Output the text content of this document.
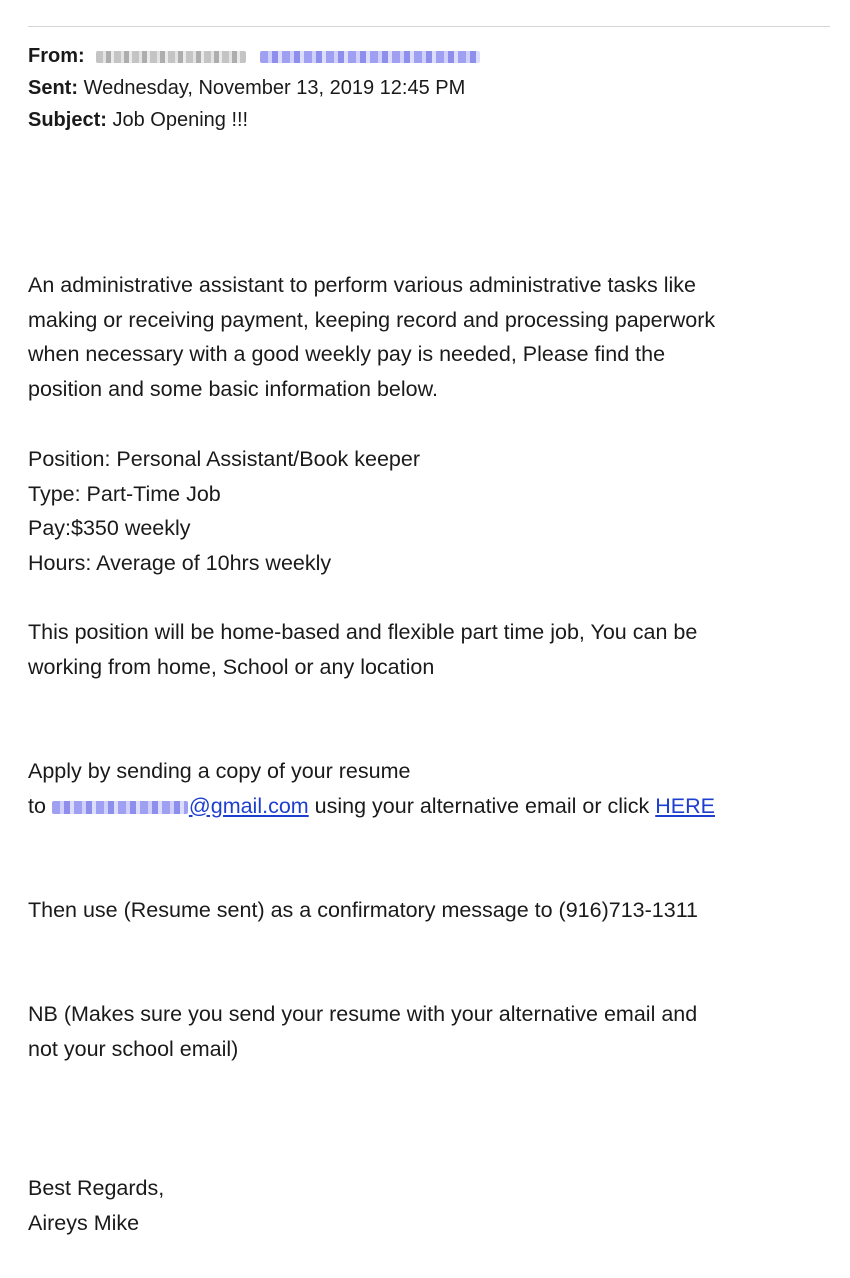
From:
Sent: Wednesday, November 13, 2019 12:45 PM
Subject: Job Opening !!!
An administrative assistant to perform various administrative tasks like
making or receiving payment, keeping record and processing paperwork
when necessary with a good weekly pay is needed, Please find the
position and some basic information below.
Position: Personal Assistant/Book keeper
Type: Part-Time Job
Pay:$350 weekly
Hours: Average of 10hrs weekly
This position will be home-based and flexible part time job, You can be
working from home, School or any location
Apply by sending a copy of your resume
to	@gmail.com using your alternative email or click HERE
Then use (Resume sent) as a confirmatory message to (916)713-1311
NB (Makes sure you send your resume with your alternative email and
not your school email)
Best Regards,
Aireys Mike
